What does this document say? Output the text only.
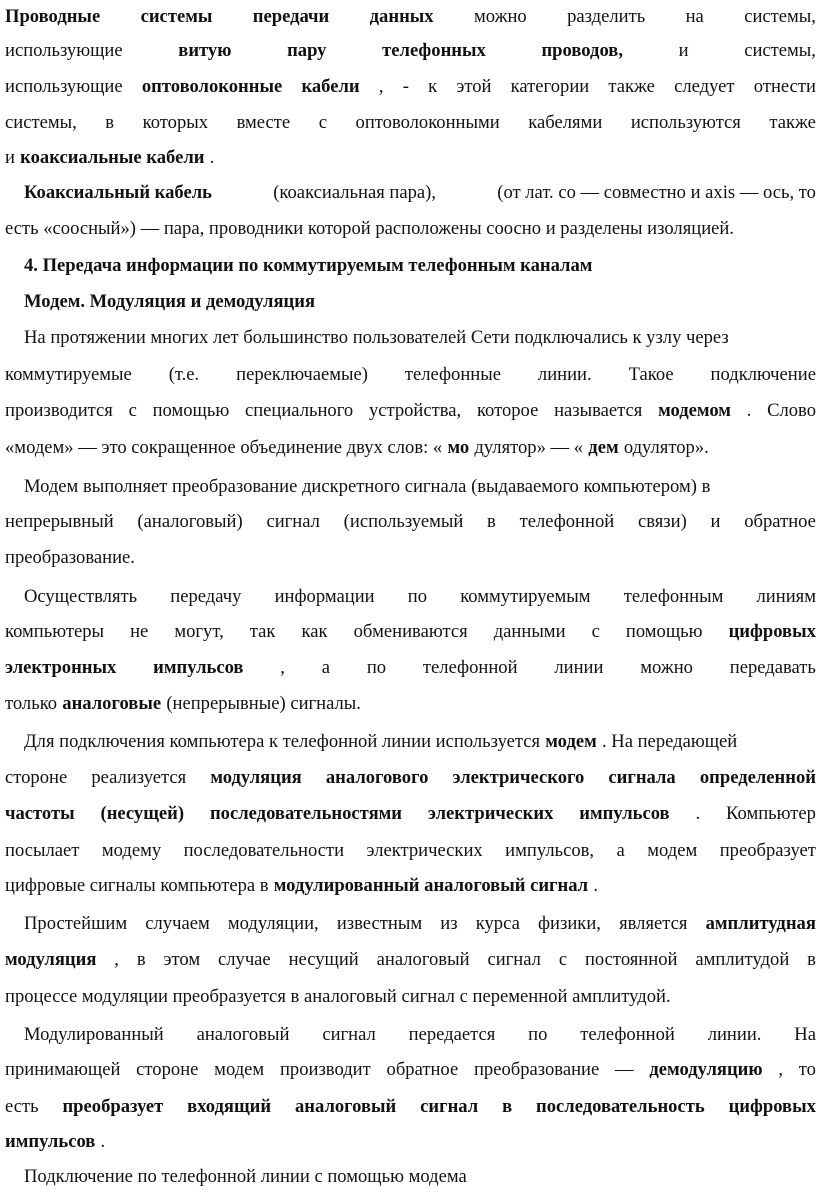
Проводные системы передачи данных можно разделить на системы,
использующие	витую	пару	телефонных	проводов,	и	системы,
использующие оптоволоконные кабели , - к этой категории также следует отнести
системы, в которых вместе с оптоволоконными кабелями используются также
и коаксиальные кабели .
Коаксиальный кабель	(коаксиальная пара),	(от лат. co — совместно и axis — ось, то
есть «соосный») — пара, проводники которой расположены соосно и разделены изоляцией.
4. Передача информации по коммутируемым телефонным каналам
Модем. Модуляция и демодуляция
На протяжении многих лет большинство пользователей Сети подключались к узлу через
коммутируемые (т.е. переключаемые) телефонные линии. Такое подключение
производится с помощью специального устройства, которое называется модемом . Слово
«модем» — это сокращенное объединение двух слов: « мо дулятор» — « дем одулятор».
Модем выполняет преобразование дискретного сигнала (выдаваемого компьютером) в
непрерывный (аналоговый) сигнал (используемый в телефонной связи) и обратное
преобразование.
Осуществлять передачу информации по коммутируемым телефонным линиям
компьютеры не могут, так как обмениваются данными с помощью цифровых
электронных импульсов , а по телефонной линии можно передавать
только аналоговые (непрерывные) сигналы.
Для подключения компьютера к телефонной линии используется модем . На передающей
стороне реализуется модуляция аналогового электрического сигнала определенной
частоты (несущей) последовательностями электрических импульсов . Компьютер
посылает модему последовательности электрических импульсов, а модем преобразует
цифровые сигналы компьютера в модулированный аналоговый сигнал .
Простейшим случаем модуляции, известным из курса физики, является амплитудная
модуляция , в этом случае несущий аналоговый сигнал с постоянной амплитудой в
процессе модуляции преобразуется в аналоговый сигнал с переменной амплитудой.
Модулированный аналоговый сигнал передается по телефонной линии. На
принимающей стороне модем производит обратное преобразование — демодуляцию , то
есть преобразует входящий аналоговый сигнал в последовательность цифровых
импульсов .
Подключение по телефонной линии с помощью модема
